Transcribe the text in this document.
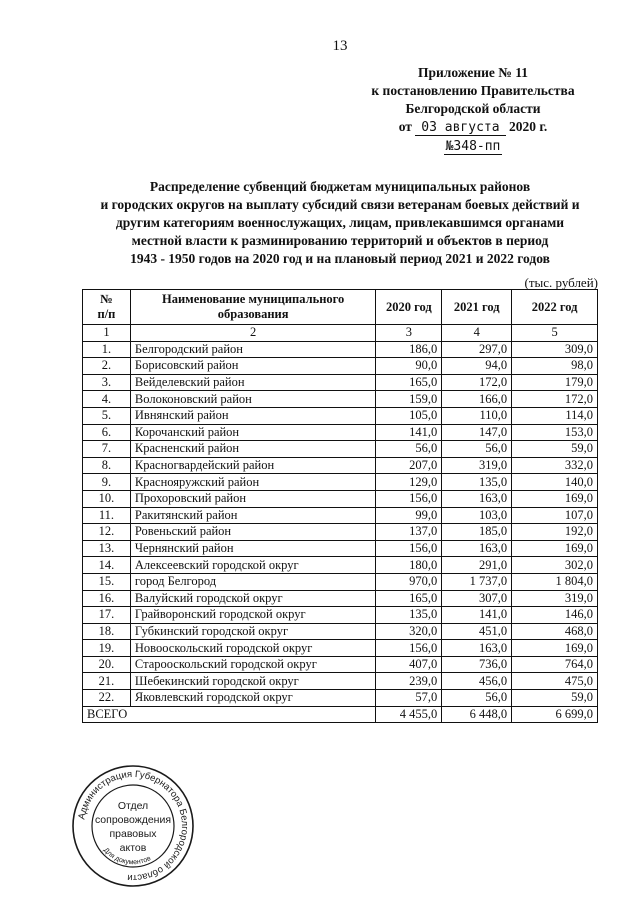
13
Приложение № 11
к постановлению Правительства
Белгородской области
от 03 августа 2020 г.
№348-пп
Распределение субвенций бюджетам муниципальных районов
и городских округов на выплату субсидий связи ветеранам боевых действий и
другим категориям военнослужащих, лицам, привлекавшимся органами
местной власти к разминированию территорий и объектов в период
1943 - 1950 годов на 2020 год и на плановый период 2021 и 2022 годов
(тыс. рублей)
№
п/п	Наименование муниципального образования	2020 год	2021 год	2022 год
1	2	3	4	5
1.	Белгородский район	186,0	297,0	309,0
2.	Борисовский район	90,0	94,0	98,0
3.	Вейделевский район	165,0	172,0	179,0
4.	Волоконовский район	159,0	166,0	172,0
5.	Ивнянский район	105,0	110,0	114,0
6.	Корочанский район	141,0	147,0	153,0
7.	Красненский район	56,0	56,0	59,0
8.	Красногвардейский район	207,0	319,0	332,0
9.	Краснояружский район	129,0	135,0	140,0
10.	Прохоровский район	156,0	163,0	169,0
11.	Ракитянский район	99,0	103,0	107,0
12.	Ровеньский район	137,0	185,0	192,0
13.	Чернянский район	156,0	163,0	169,0
14.	Алексеевский городской округ	180,0	291,0	302,0
15.	город Белгород	970,0	1 737,0	1 804,0
16.	Валуйский городской округ	165,0	307,0	319,0
17.	Грайворонский городской округ	135,0	141,0	146,0
18.	Губкинский городской округ	320,0	451,0	468,0
19.	Новооскольский городской округ	156,0	163,0	169,0
20.	Старооскольский городской округ	407,0	736,0	764,0
21.	Шебекинский городской округ	239,0	456,0	475,0
22.	Яковлевский городской округ	57,0	56,0	59,0
ВСЕГО		4 455,0	6 448,0	6 699,0
Администрация Губернатора Белгородской области
Отдел
сопровождения
правовых
актов
Для документов
